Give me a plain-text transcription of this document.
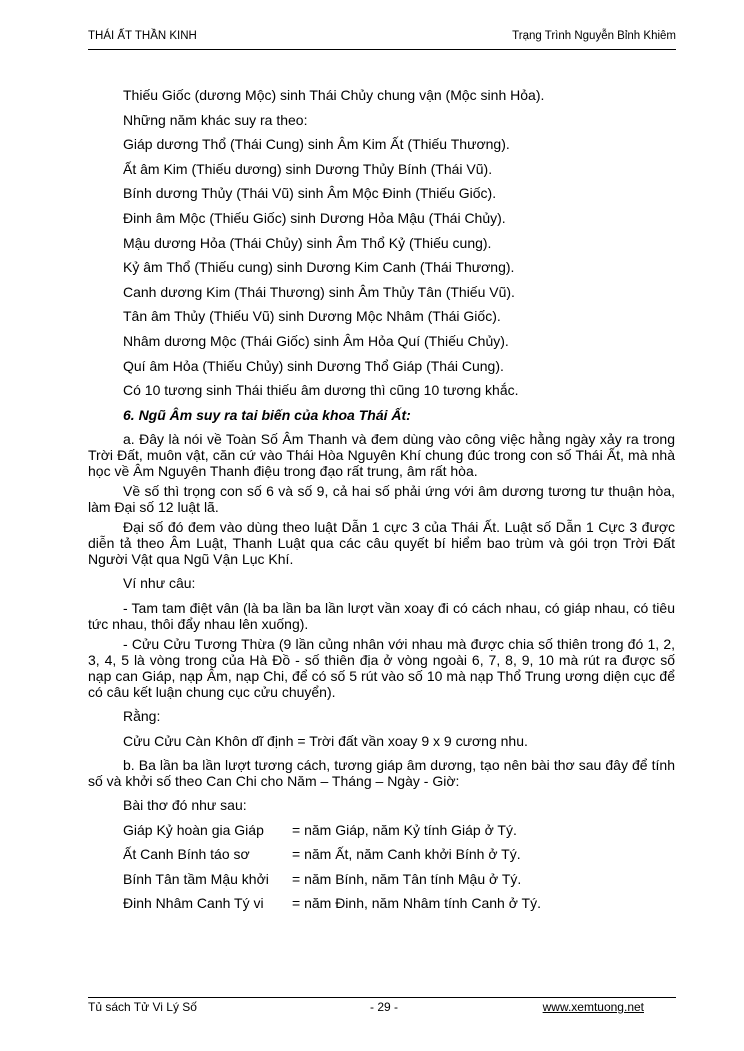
THÁI ẤT THẦN KINH	Trạng Trình Nguyễn Bỉnh Khiêm
Thiếu Giốc (dương Mộc) sinh Thái Chủy chung vận (Mộc sinh Hỏa).
Những năm khác suy ra theo:
Giáp dương Thổ (Thái Cung) sinh Âm Kim Ất (Thiếu Thương).
Ất âm Kim (Thiếu dương) sinh Dương Thủy Bính (Thái Vũ).
Bính dương Thủy (Thái Vũ) sinh Âm Mộc Đinh (Thiếu Giốc).
Đinh âm Mộc (Thiếu Giốc) sinh Dương Hỏa Mậu (Thái Chủy).
Mậu dương Hỏa (Thái Chủy) sinh Âm Thổ Kỷ (Thiếu cung).
Kỷ âm Thổ (Thiếu cung) sinh Dương Kim Canh (Thái Thương).
Canh dương Kim (Thái Thương) sinh Âm Thủy Tân (Thiếu Vũ).
Tân âm Thủy (Thiếu Vũ) sinh Dương Mộc Nhâm (Thái Giốc).
Nhâm dương Mộc (Thái Giốc) sinh Âm Hỏa Quí (Thiếu Chủy).
Quí âm Hỏa (Thiếu Chủy) sinh Dương Thổ Giáp (Thái Cung).
Có 10 tương sinh Thái thiếu âm dương thì cũng 10 tương khắc.
6. Ngũ Âm suy ra tai biến của khoa Thái Ất:
a. Đây là nói về Toàn Số Âm Thanh và đem dùng vào công việc hằng ngày xảy ra trong Trời Đất, muôn vật, căn cứ vào Thái Hòa Nguyên Khí chung đúc trong con số Thái Ất, mà nhà học về Âm Nguyên Thanh điệu trong đạo rất trung, âm rất hòa.
Về số thì trọng con số 6 và số 9, cả hai số phải ứng với âm dương tương tư thuận hòa, làm Đại số 12 luật lã.
Đại số đó đem vào dùng theo luật Dẫn 1 cực 3 của Thái Ất. Luật số Dẫn 1 Cực 3 được diễn tả theo Âm Luật, Thanh Luật qua các câu quyết bí hiểm bao trùm và gói trọn Trời Đất Người Vật qua Ngũ Vận Lục Khí.
Ví như câu:
- Tam tam điệt vân (là ba lần ba lần lượt vần xoay đi có cách nhau, có giáp nhau, có tiêu tức nhau, thôi đẩy nhau lên xuống).
- Cửu Cửu Tương Thừa (9 lần củng nhân với nhau mà được chia số thiên trong đó 1, 2, 3, 4, 5 là vòng trong của Hà Đồ - số thiên địa ở vòng ngoài 6, 7, 8, 9, 10 mà rút ra được số nạp can Giáp, nạp Âm, nạp Chi, để có số 5 rút vào số 10 mà nạp Thổ Trung ương diện cục để có câu kết luận chung cục cửu chuyển).
Rằng:
Cửu Cửu Càn Khôn dĩ định = Trời đất vần xoay 9 x 9 cương nhu.
b. Ba lần ba lần lượt tương cách, tương giáp âm dương, tạo nên bài thơ sau đây để tính số và khởi số theo Can Chi cho Năm – Tháng – Ngày - Giờ:
Bài thơ đó như sau:
Giáp Kỷ hoàn gia Giáp = năm Giáp, năm Kỷ tính Giáp ở Tý.
Ất Canh Bính táo sơ	= năm Ất, năm Canh khởi Bính ở Tý.
Bính Tân tầm Mậu khởi = năm Bính, năm Tân tính Mậu ở Tý.
Đinh Nhâm Canh Tý vi = năm Đinh, năm Nhâm tính Canh ở Tý.
Tủ sách Tử Vi Lý Số	- 29 -	www.xemtuong.net
